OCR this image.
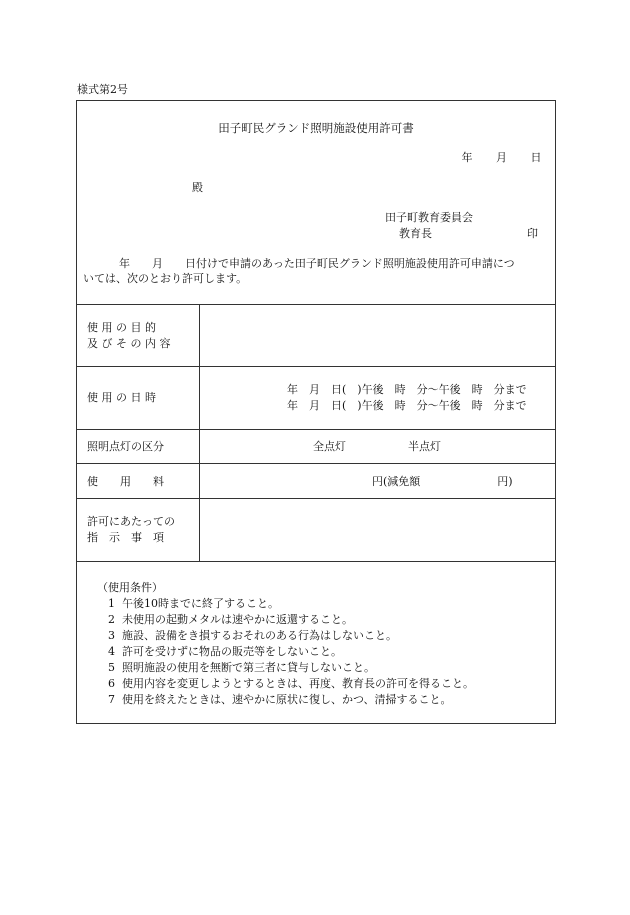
様式第2号
田子町民グランド照明施設使用許可書
年　　月　　日
殿
田子町教育委員会
教育長	印
年　　月　　日付けで申請のあった田子町民グランド照明施設使用許可申請につ
いては、次のとおり許可します。
使 用 の 目 的
及 び そ の 内 容
使 用 の 日 時
年　月　日(　)午後　時　分～午後　時　分まで
年　月　日(　)午後　時　分～午後　時　分まで
照明点灯の区分	全点灯	半点灯
使　　用　　料	円(減免額　　　　　　　円)
許可にあたっての
指　示　事　項
（使用条件）
1 午後10時までに終了すること。
2 未使用の起動メタルは速やかに返還すること。
3 施設、設備をき損するおそれのある行為はしないこと。
4 許可を受けずに物品の販売等をしないこと。
5 照明施設の使用を無断で第三者に貸与しないこと。
6 使用内容を変更しようとするときは、再度、教育長の許可を得ること。
7 使用を終えたときは、速やかに原状に復し、かつ、清掃すること。
